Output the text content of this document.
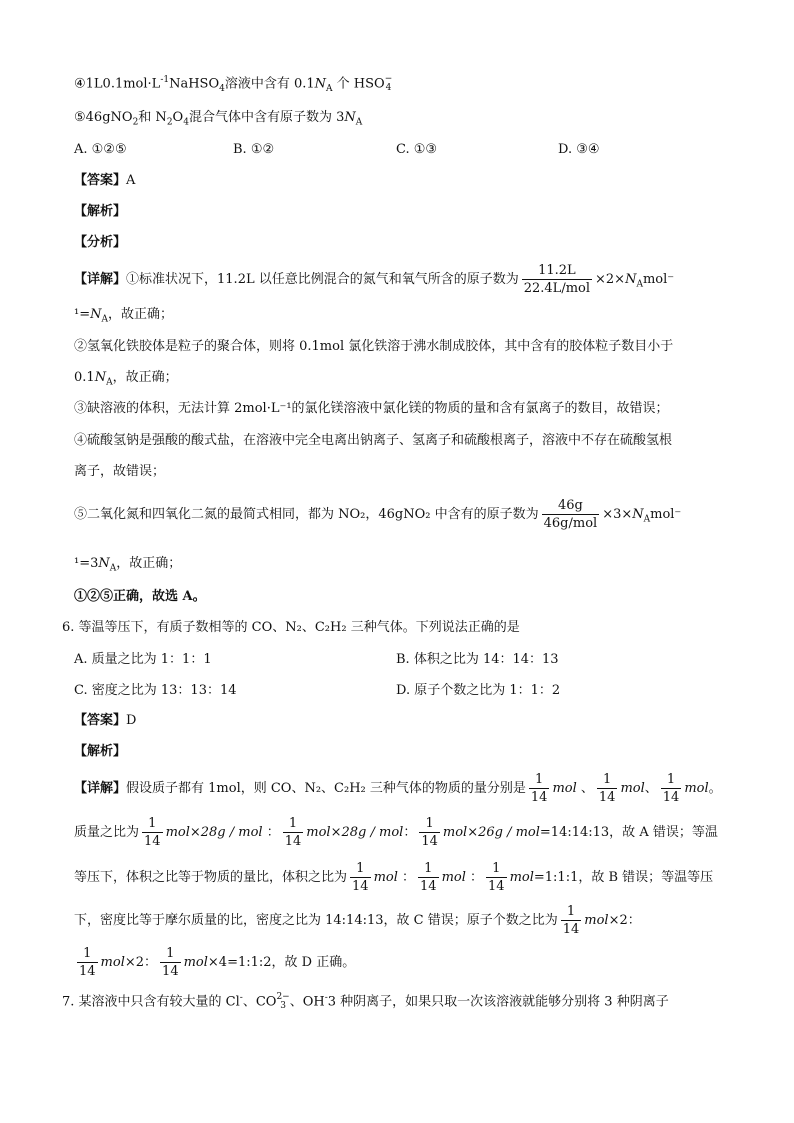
$④1L0.1mol\cdot L^{-1}NaHSO_4$溶液中含有 $0.1N_A$ 个 HSO −
4
⑤46gNO$_2$和 $N_2O_4$混合气体中含有原子数为 $3N_A$
A. ①②⑤	B. ①②	C. ①③	D. ③④
【答案】A
【解析】
【分析】
【详解】①标准状况下，11.2L 以任意比例混合的氮气和氧气所含的原子数为 $\frac{11.2L}{\text{22.4L/mol}} \times 2\times N_Amol^-$
$^1=N_A$，故正确；
②氢氧化铁胶体是粒子的聚合体，则将 0.1mol 氯化铁溶于沸水制成胶体，其中含有的胶体粒子数目小于
$0.1N_A$，故正确；
③缺溶液的体积，无法计算 2mol·L⁻¹的氯化镁溶液中氯化镁的物质的量和含有氯离子的数目，故错误；
④硫酸氢钠是强酸的酸式盐，在溶液中完全电离出钠离子、氢离子和硫酸根离子，溶液中不存在硫酸氢根
离子，故错误；
⑤二氧化氮和四氧化二氮的最简式相同，都为 NO₂，46gNO₂ 中含有的原子数为 $\frac{46g}{\text{46g/mol}} \times 3\times N_Amol^-$
$^1=3N_A$，故正确；
①②⑤正确，故选 A。
6. 等温等压下，有质子数相等的 CO、N₂、C₂H₂ 三种气体。下列说法正确的是
A. 质量之比为 1：1：1	B. 体积之比为 14：14：13
C. 密度之比为 13：13：14	D. 原子个数之比为 1：1：2
【答案】D
【解析】
【详解】假设质子都有 1mol，则 CO、N₂、C₂H₂ 三种气体的物质的量分别是 $\frac{1}{14}$ mol 、 $\frac{1}{14}$ mol、 $\frac{1}{14}$ mol。
质量之比为 $\frac{1}{14} mol\times 28g$ / mol ： $\frac{1}{14} mol\times 28g$ / mol： $\frac{1}{14} mol\times 26g$ / mol=14:14:13，故 A 错误；等温
等压下，体积之比等于物质的量比，体积之比为 $\frac{1}{14}$ mol ： $\frac{1}{14}$ mol ： $\frac{1}{14}$ mol=1:1:1，故 B 错误；等温等压
下，密度比等于摩尔质量的比，密度之比为 14:14:13，故 C 错误；原子个数之比为 $\frac{1}{14} mol\times 2$：
$\frac{1}{14} mol\times 2$： $\frac{1}{14}$ mol×4=1:1:2，故 D 正确。
7. 某溶液中只含有较大量的 Cl-、CO 2−
3 、OH-3 种阴离子，如果只取一次该溶液就能够分别将 3 种阴离子
